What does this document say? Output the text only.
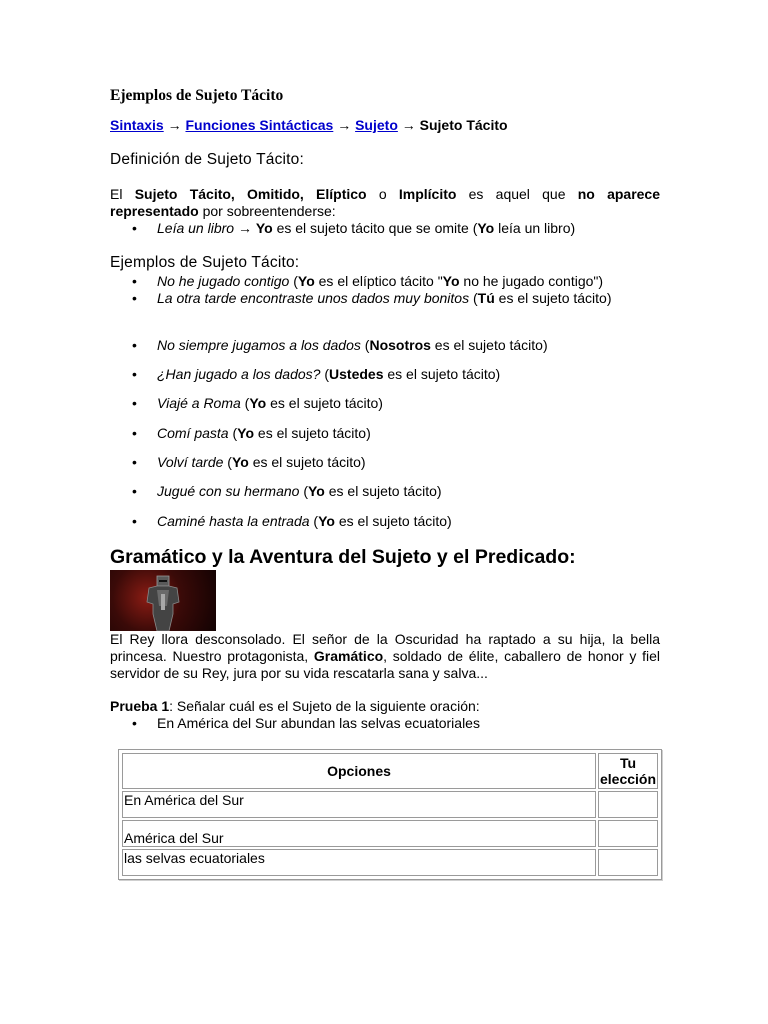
Ejemplos de Sujeto Tácito
Sintaxis → Funciones Sintácticas → Sujeto → Sujeto Tácito
Definición de Sujeto Tácito:

El Sujeto Tácito, Omitido, Elíptico o Implícito es aquel que no aparece representado por sobreentenderse:

• Leía un libro → Yo es el sujeto tácito que se omite (Yo leía un libro)
Ejemplos de Sujeto Tácito:
• No he jugado contigo (Yo es el elíptico tácito "Yo no he jugado contigo")
• La otra tarde encontraste unos dados muy bonitos (Tú es el sujeto tácito)
• No siempre jugamos a los dados (Nosotros es el sujeto tácito)
• ¿Han jugado a los dados? (Ustedes es el sujeto tácito)
• Viajé a Roma (Yo es el sujeto tácito)
• Comí pasta (Yo es el sujeto tácito)
• Volví tarde (Yo es el sujeto tácito)
• Jugué con su hermano (Yo es el sujeto tácito)
• Caminé hasta la entrada (Yo es el sujeto tácito)
Gramático y la Aventura del Sujeto y el Predicado:

El Rey llora desconsolado. El señor de la Oscuridad ha raptado a su hija, la bella princesa. Nuestro protagonista, Gramático, soldado de élite, caballero de honor y fiel servidor de su Rey, jura por su vida rescatarla sana y salva...

Prueba 1: Señalar cuál es el Sujeto de la siguiente oración:

• En América del Sur abundan las selvas ecuatoriales
Opciones	Tu elección
En América del Sur	
América del Sur	
las selvas ecuatoriales	
